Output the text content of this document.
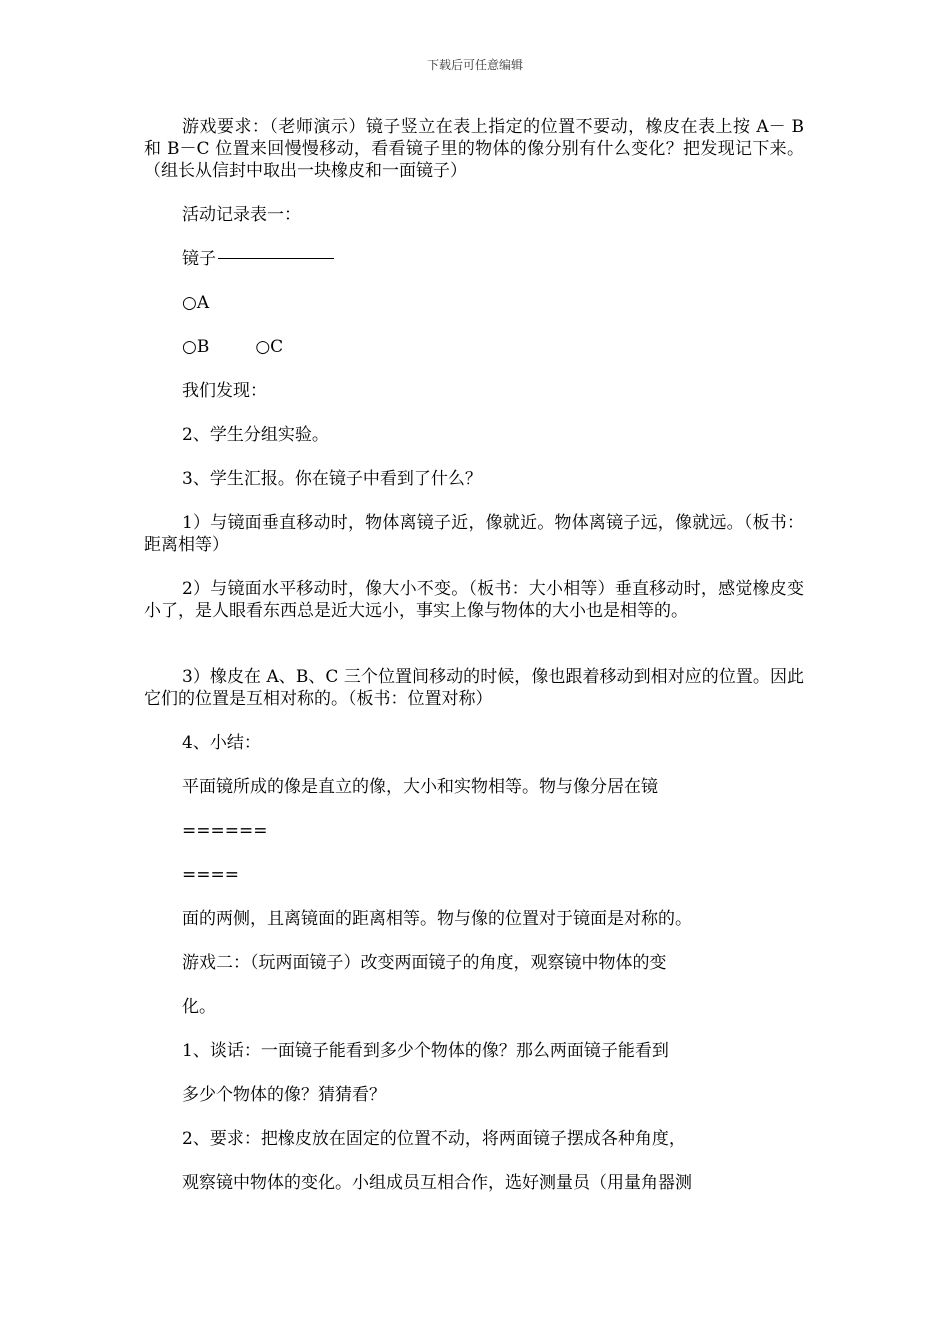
下载后可任意编辑
游戏要求：（老师演示）镜子竖立在表上指定的位置不要动，橡皮在表上按 A－ B 和 B－C 位置来回慢慢移动，看看镜子里的物体的像分别有什么变化？把发现记下来。（组长从信封中取出一块橡皮和一面镜子）
活动记录表一：
镜子
○A
○B	○C
我们发现：
2、学生分组实验。
3、学生汇报。你在镜子中看到了什么？
1）与镜面垂直移动时，物体离镜子近，像就近。物体离镜子远，像就远。（板书：距离相等）
2）与镜面水平移动时，像大小不变。（板书：大小相等）垂直移动时，感觉橡皮变小了，是人眼看东西总是近大远小，事实上像与物体的大小也是相等的。
3）橡皮在 A、B、C 三个位置间移动的时候，像也跟着移动到相对应的位置。因此它们的位置是互相对称的。（板书：位置对称）
4、小结：
平面镜所成的像是直立的像，大小和实物相等。物与像分居在镜
======
====
面的两侧，且离镜面的距离相等。物与像的位置对于镜面是对称的。
游戏二：（玩两面镜子）改变两面镜子的角度，观察镜中物体的变
化。
1、谈话：一面镜子能看到多少个物体的像？那么两面镜子能看到
多少个物体的像？猜猜看？
2、要求：把橡皮放在固定的位置不动，将两面镜子摆成各种角度，
观察镜中物体的变化。小组成员互相合作，选好测量员（用量角器测
